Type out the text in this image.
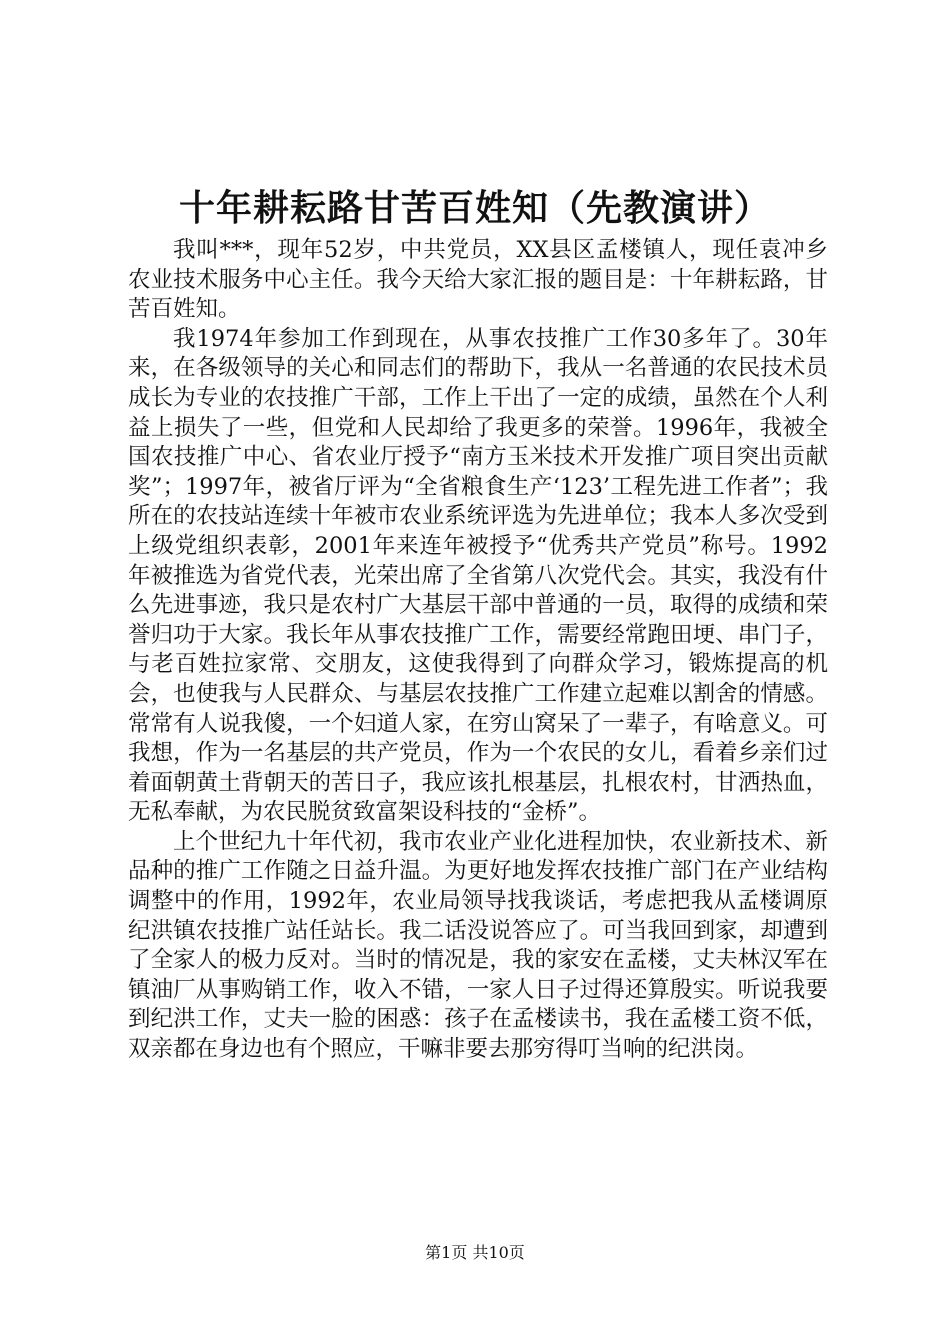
十年耕耘路甘苦百姓知（先教演讲）

我叫***，现年52岁，中共党员，XX县区孟楼镇人，现任袁冲乡农业技术服务中心主任。我今天给大家汇报的题目是：十年耕耘路，甘苦百姓知。

我1974年参加工作到现在，从事农技推广工作30多年了。30年来，在各级领导的关心和同志们的帮助下，我从一名普通的农民技术员成长为专业的农技推广干部，工作上干出了一定的成绩，虽然在个人利益上损失了一些，但党和人民却给了我更多的荣誉。1996年，我被全国农技推广中心、省农业厅授予“南方玉米技术开发推广项目突出贡献奖”；1997年，被省厅评为“全省粮食生产‘123’工程先进工作者”；我所在的农技站连续十年被市农业系统评选为先进单位；我本人多次受到上级党组织表彰，2001年来连年被授予“优秀共产党员”称号。1992年被推选为省党代表，光荣出席了全省第八次党代会。其实，我没有什么先进事迹，我只是农村广大基层干部中普通的一员，取得的成绩和荣誉归功于大家。我长年从事农技推广工作，需要经常跑田埂、串门子，与老百姓拉家常、交朋友，这使我得到了向群众学习，锻炼提高的机会，也使我与人民群众、与基层农技推广工作建立起难以割舍的情感。常常有人说我傻，一个妇道人家，在穷山窝呆了一辈子，有啥意义。可我想，作为一名基层的共产党员，作为一个农民的女儿，看着乡亲们过着面朝黄土背朝天的苦日子，我应该扎根基层，扎根农村，甘洒热血，无私奉献，为农民脱贫致富架设科技的“金桥”。

上个世纪九十年代初，我市农业产业化进程加快，农业新技术、新品种的推广工作随之日益升温。为更好地发挥农技推广部门在产业结构调整中的作用，1992年，农业局领导找我谈话，考虑把我从孟楼调原纪洪镇农技推广站任站长。我二话没说答应了。可当我回到家，却遭到了全家人的极力反对。当时的情况是，我的家安在孟楼，丈夫林汉军在镇油厂从事购销工作，收入不错，一家人日子过得还算殷实。听说我要到纪洪工作，丈夫一脸的困惑：孩子在孟楼读书，我在孟楼工资不低，双亲都在身边也有个照应，干嘛非要去那穷得叮当响的纪洪岗。

第1页 共10页
